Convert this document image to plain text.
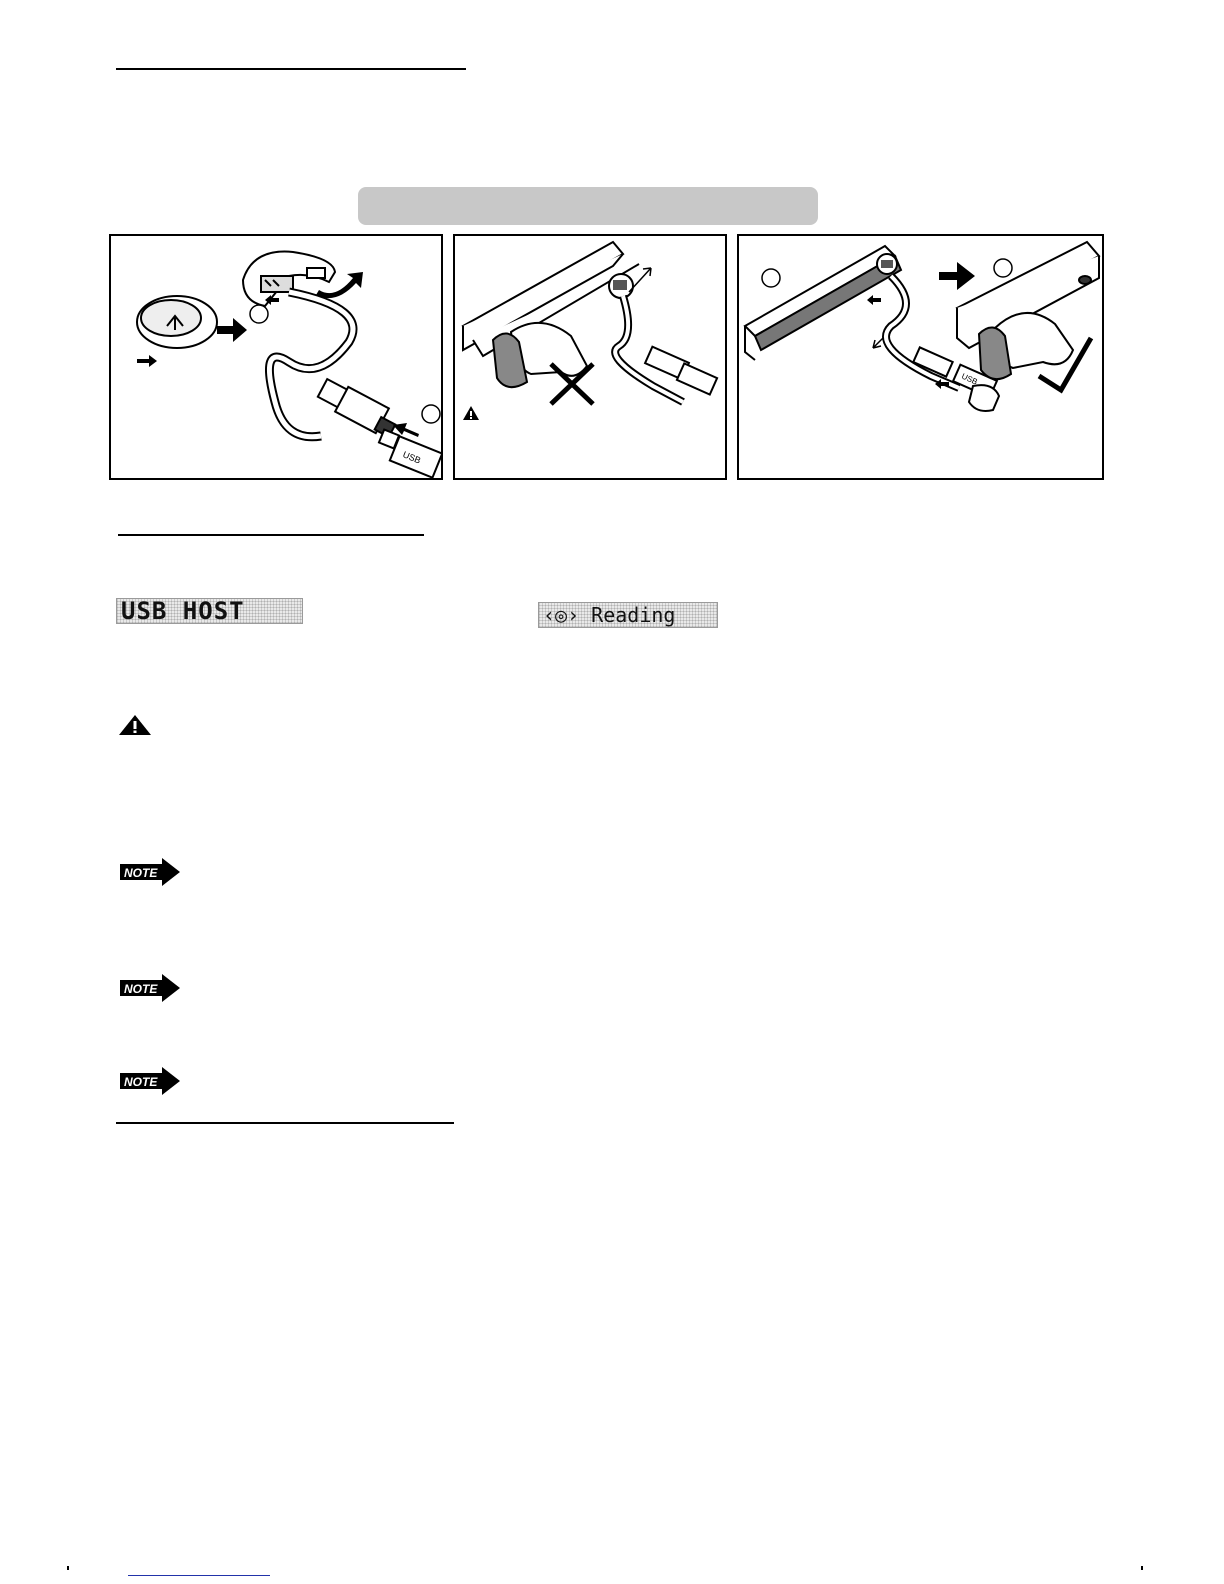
USB
USB
USB HOST	‹◎› Reading
NOTE
NOTE
NOTE
